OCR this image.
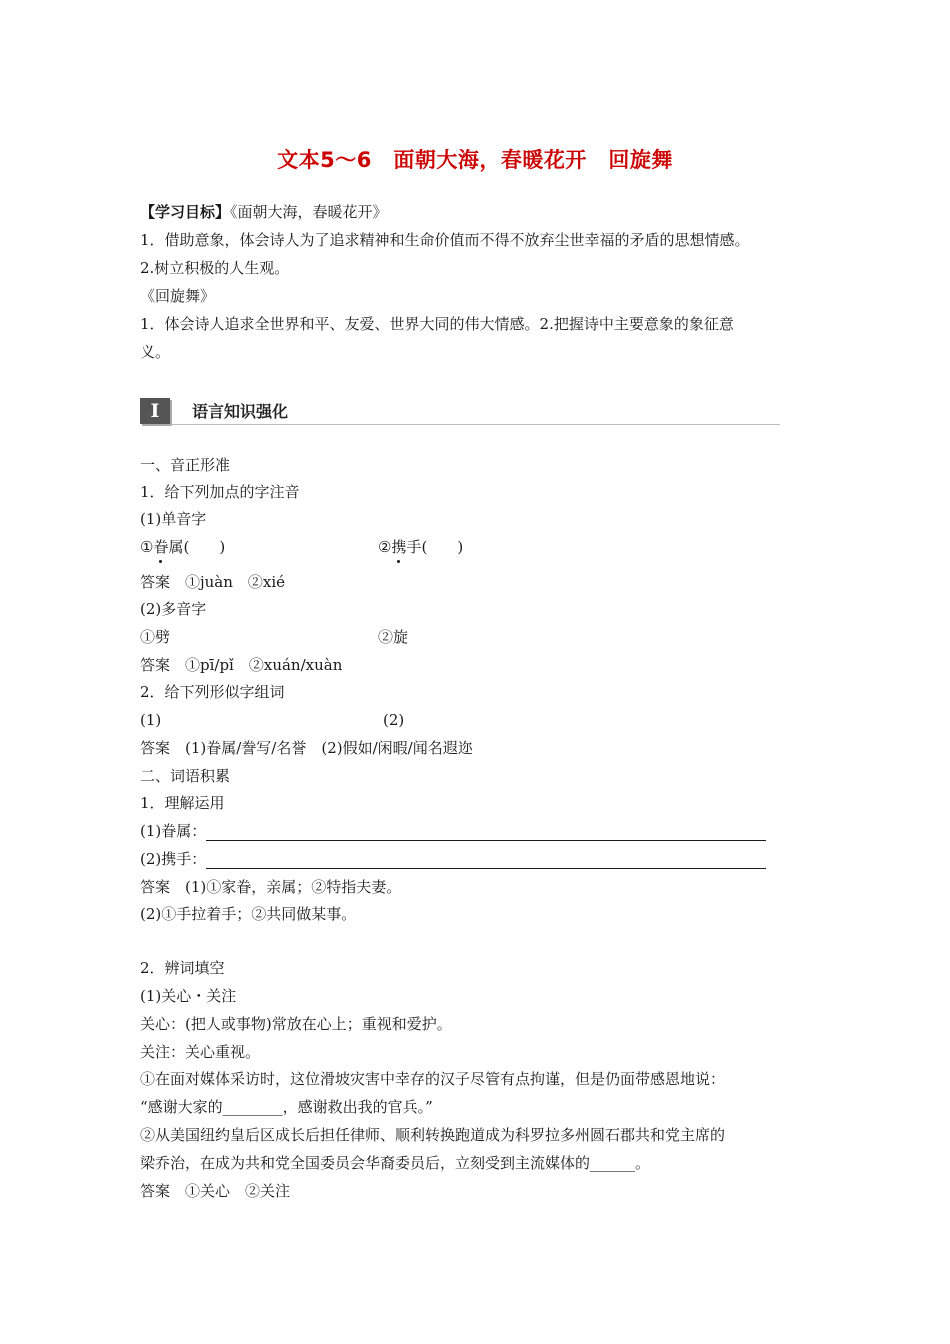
文本5～6　面朝大海，春暖花开　回旋舞
【学习目标】《面朝大海，春暖花开》
1．借助意象，体会诗人为了追求精神和生命价值而不得不放弃尘世幸福的矛盾的思想情感。
2.树立积极的人生观。
《回旋舞》
1．体会诗人追求全世界和平、友爱、世界大同的伟大情感。2.把握诗中主要意象的象征意
义。
I	语言知识强化
一、音正形准
1．给下列加点的字注音
(1)单音字
①眷属(　　)	②携手(　　)
答案　①juàn　②xié
(2)多音字
①劈	②旋
答案　①pī/pǐ　②xuán/xuàn
2．给下列形似字组词
(1)	(2)
答案　(1)眷属/誊写/名誉　(2)假如/闲暇/闻名遐迩
二、词语积累
1．理解运用
(1)眷属：
(2)携手：
答案　(1)①家眷，亲属；②特指夫妻。
(2)①手拉着手；②共同做某事。
2．辨词填空
(1)关心・关注
关心：(把人或事物)常放在心上；重视和爱护。
关注：关心重视。
①在面对媒体采访时，这位滑坡灾害中幸存的汉子尽管有点拘谨，但是仍面带感恩地说：
“感谢大家的________，感谢救出我的官兵。”
②从美国纽约皇后区成长后担任律师、顺利转换跑道成为科罗拉多州圆石郡共和党主席的
梁乔治，在成为共和党全国委员会华裔委员后，立刻受到主流媒体的______。
答案　①关心　②关注
